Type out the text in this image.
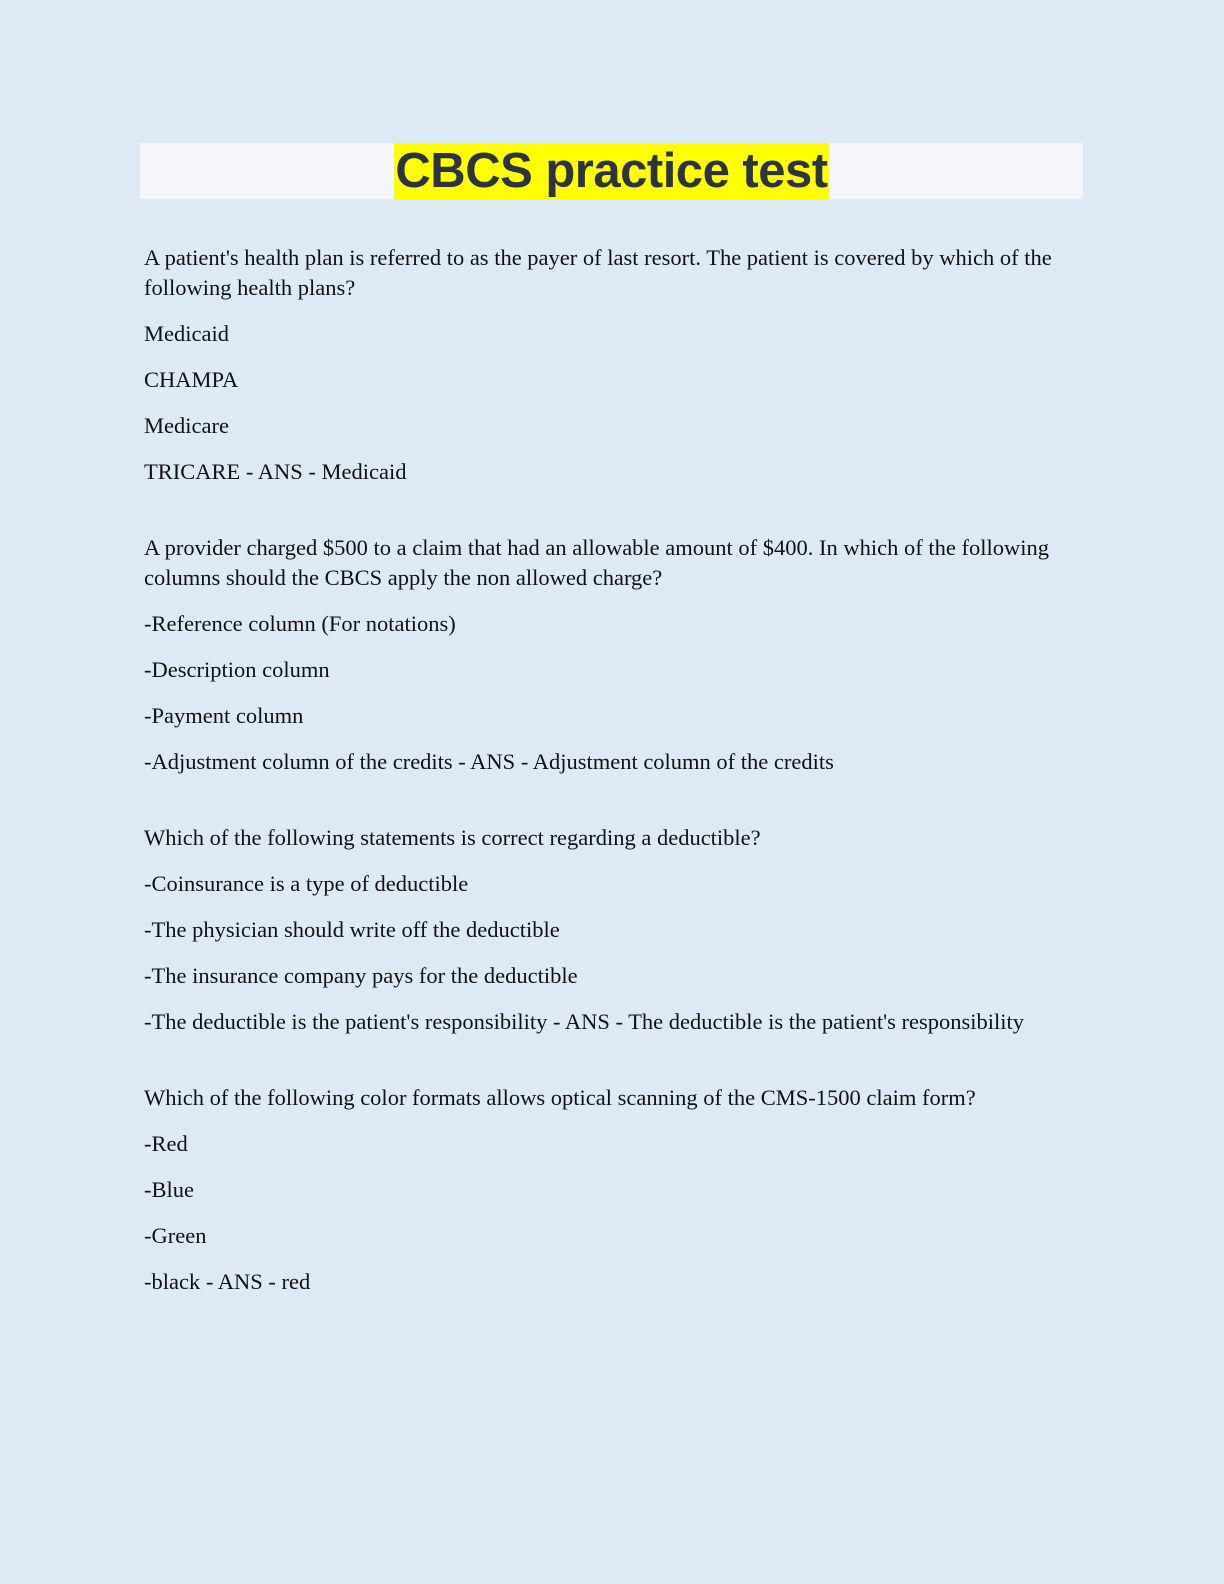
CBCS practice test
A patient's health plan is referred to as the payer of last resort. The patient is covered by which of the following health plans?
Medicaid
CHAMPA
Medicare
TRICARE - ANS - Medicaid
A provider charged $500 to a claim that had an allowable amount of $400. In which of the following columns should the CBCS apply the non allowed charge?
-Reference column (For notations)
-Description column
-Payment column
-Adjustment column of the credits - ANS - Adjustment column of the credits
Which of the following statements is correct regarding a deductible?
-Coinsurance is a type of deductible
-The physician should write off the deductible
-The insurance company pays for the deductible
-The deductible is the patient's responsibility - ANS - The deductible is the patient's responsibility
Which of the following color formats allows optical scanning of the CMS-1500 claim form?
-Red
-Blue
-Green
-black - ANS - red
